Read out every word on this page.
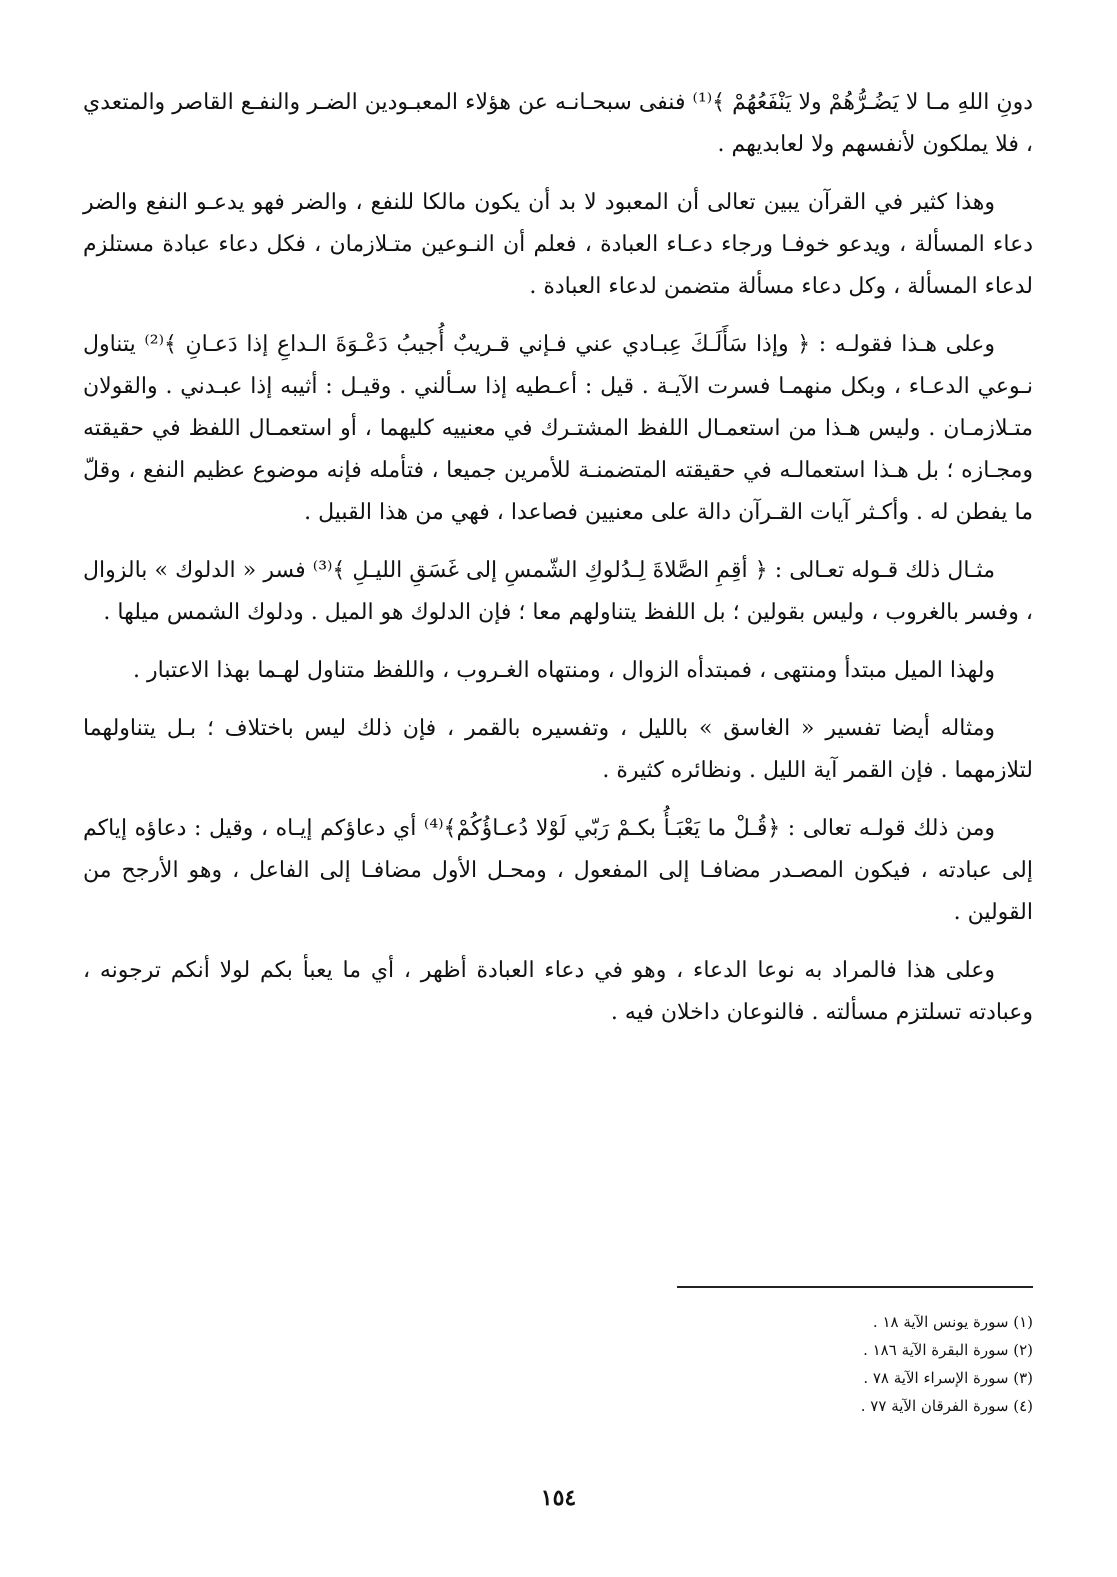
دونِ اللهِ مـا لا يَضُـرُّهُمْ ولا يَنْفَعُهُمْ ﴾⁽¹⁾ فنفى سبحـانـه عن هؤلاء المعبـودين الضـر والنفـع القاصر والمتعدي ، فلا يملكون لأنفسهم ولا لعابديهم .

وهذا كثير في القرآن يبين تعالى أن المعبود لا بد أن يكون مالكا للنفع ، والضر فهو يدعـو النفع والضر دعاء المسألة ، ويدعو خوفـا ورجاء دعـاء العبادة ، فعلم أن النـوعين متـلازمان ، فكل دعاء عبادة مستلزم لدعاء المسألة ، وكل دعاء مسألة متضمن لدعاء العبادة .

وعلى هـذا فقولـه : ﴿ وإذا سَأَلَـكَ عِبـادي عني فـإني قـريبٌ أُجيبُ دَعْـوَةَ الـداعِ إذا دَعـانِ ﴾⁽²⁾ يتناول نـوعي الدعـاء ، وبكل منهمـا فسرت الآيـة . قيل : أعـطيه إذا سـألني . وقيـل : أثيبه إذا عبـدني . والقولان متـلازمـان . وليس هـذا من استعمـال اللفظ المشتـرك في معنييه كليهما ، أو استعمـال اللفظ في حقيقته ومجـازه ؛ بل هـذا استعمالـه في حقيقته المتضمنـة للأمرين جميعا ، فتأمله فإنه موضوع عظيم النفع ، وقلّ ما يفطن له . وأكـثر آيات القـرآن دالة على معنيين فصاعدا ، فهي من هذا القبيل .

مثـال ذلك قـوله تعـالى : ﴿ أقِمِ الصَّلاةَ لِـدُلوكِ الشّمسِ إلى غَسَقِ الليـلِ ﴾⁽³⁾ فسر « الدلوك » بالزوال ، وفسر بالغروب ، وليس بقولين ؛ بل اللفظ يتناولهم معا ؛ فإن الدلوك هو الميل . ودلوك الشمس ميلها .

ولهذا الميل مبتدأ ومنتهى ، فمبتدأه الزوال ، ومنتهاه الغـروب ، واللفظ متناول لهـما بهذا الاعتبار .

ومثاله أيضا تفسير « الغاسق » بالليل ، وتفسيره بالقمر ، فإن ذلك ليس باختلاف ؛ بـل يتناولهما لتلازمهما . فإن القمر آية الليل . ونظائره كثيرة .

ومن ذلك قولـه تعالى : ﴿قُـلْ ما يَعْبَـأُ بكـمْ رَبّي لَوْلا دُعـاؤُكُمْ﴾⁽⁴⁾ أي دعاؤكم إيـاه ، وقيل : دعاؤه إياكم إلى عبادته ، فيكون المصـدر مضافـا إلى المفعول ، ومحـل الأول مضافـا إلى الفاعل ، وهو الأرجح من القولين .

وعلى هذا فالمراد به نوعا الدعاء ، وهو في دعاء العبادة أظهر ، أي ما يعبأ بكم لولا أنكم ترجونه ، وعبادته تسلتزم مسألته . فالنوعان داخلان فيه .

(١) سورة يونس الآية ١٨ .
(٢) سورة البقرة الآية ١٨٦ .
(٣) سورة الإسراء الآية ٧٨ .
(٤) سورة الفرقان الآية ٧٧ .
١٥٤
